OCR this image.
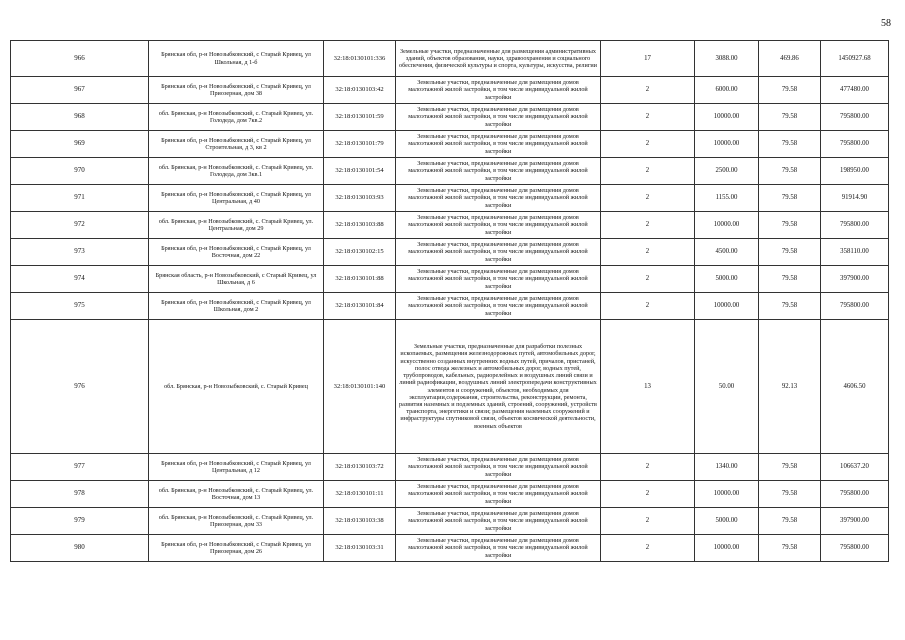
58
966	Брянская обл, р-н Новозыбковский, с Старый Кривец, ул Школьная, д 1-б	32:18:0130101:336	Земельные участки, предназначенные для размещения административных зданий, объектов образования, науки, здравоохранения и социального обеспечения, физической культуры и спорта, культуры, искусства, религии	17	3088.00	469.86	1450927.68
967	Брянская обл, р-н Новозыбковский, с Старый Кривец, ул Приозерная, дом 38	32:18:0130103:42	Земельные участки, предназначенные для размещения домов малоэтажной жилой застройки, в том числе индивидуальной жилой застройки	2	6000.00	79.58	477480.00
968	обл. Брянская, р-н Новозыбковский, с. Старый Кривец, ул. Голодеда, дом 7кв.2	32:18:0130101:59	Земельные участки, предназначенные для размещения домов малоэтажной жилой застройки, в том числе индивидуальной жилой застройки	2	10000.00	79.58	795800.00
969	Брянская обл, р-н Новозыбковский, с Старый Кривец, ул Строительная, д 3, кв 2	32:18:0130101:79	Земельные участки, предназначенные для размещения домов малоэтажной жилой застройки, в том числе индивидуальной жилой застройки	2	10000.00	79.58	795800.00
970	обл. Брянская, р-н Новозыбковский, с. Старый Кривец, ул. Голодеда, дом 3кв.1	32:18:0130101:54	Земельные участки, предназначенные для размещения домов малоэтажной жилой застройки, в том числе индивидуальной жилой застройки	2	2500.00	79.58	198950.00
971	Брянская обл, р-н Новозыбковский, с Старый Кривец, ул Центральная, д 40	32:18:0130103:93	Земельные участки, предназначенные для размещения домов малоэтажной жилой застройки, в том числе индивидуальной жилой застройки	2	1155.00	79.58	91914.90
972	обл. Брянская, р-н Новозыбковский, с. Старый Кривец, ул. Центральная, дом 29	32:18:0130103:88	Земельные участки, предназначенные для размещения домов малоэтажной жилой застройки, в том числе индивидуальной жилой застройки	2	10000.00	79.58	795800.00
973	Брянская обл, р-н Новозыбковский, с Старый Кривец, ул Восточная, дом 22	32:18:0130102:15	Земельные участки, предназначенные для размещения домов малоэтажной жилой застройки, в том числе индивидуальной жилой застройки	2	4500.00	79.58	358110.00
974	Брянская область, р-н Новозыбковский, с Старый Кривец, ул Школьная, д 6	32:18:0130101:88	Земельные участки, предназначенные для размещения домов малоэтажной жилой застройки, в том числе индивидуальной жилой застройки	2	5000.00	79.58	397900.00
975	Брянская обл, р-н Новозыбковский, с Старый Кривец, ул Школьная, дом 2	32:18:0130101:84	Земельные участки, предназначенные для размещения домов малоэтажной жилой застройки, в том числе индивидуальной жилой застройки	2	10000.00	79.58	795800.00
976	обл. Брянская, р-н Новозыбковский, с. Старый Кривец	32:18:0130101:140	Земельные участки, предназначенные для разработки полезных ископаемых, размещения железнодорожных путей, автомобильных дорог, искусственно созданных внутренних водных путей, причалов, пристаней, полос отвода железных и автомобильных дорог, водных путей, трубопроводов, кабельных, радиорелейных и воздушных линий связи и линий радиофикации, воздушных линий электропередачи конструктивных элементов и сооружений, объектов, необходимых для эксплуатации,содержания, строительства, реконструкции, ремонта, развития наземных и подземных зданий, строений, сооружений, устройств транспорта, энергетики и связи; размещения наземных сооружений и инфраструктуры спутниковой связи, объектов космической деятельности, военных объектов	13	50.00	92.13	4606.50
977	Брянская обл, р-н Новозыбковский, с Старый Кривец, ул Центральная, д 12	32:18:0130103:72	Земельные участки, предназначенные для размещения домов малоэтажной жилой застройки, в том числе индивидуальной жилой застройки	2	1340.00	79.58	106637.20
978	обл. Брянская, р-н Новозыбковский, с. Старый Кривец, ул. Восточная, дом 13	32:18:0130101:11	Земельные участки, предназначенные для размещения домов малоэтажной жилой застройки, в том числе индивидуальной жилой застройки	2	10000.00	79.58	795800.00
979	обл. Брянская, р-н Новозыбковский, с. Старый Кривец, ул. Приозерная, дом 33	32:18:0130103:38	Земельные участки, предназначенные для размещения домов малоэтажной жилой застройки, в том числе индивидуальной жилой застройки	2	5000.00	79.58	397900.00
980	Брянская обл, р-н Новозыбковский, с Старый Кривец, ул Приозерная, дом 26	32:18:0130103:31	Земельные участки, предназначенные для размещения домов малоэтажной жилой застройки, в том числе индивидуальной жилой застройки	2	10000.00	79.58	795800.00
